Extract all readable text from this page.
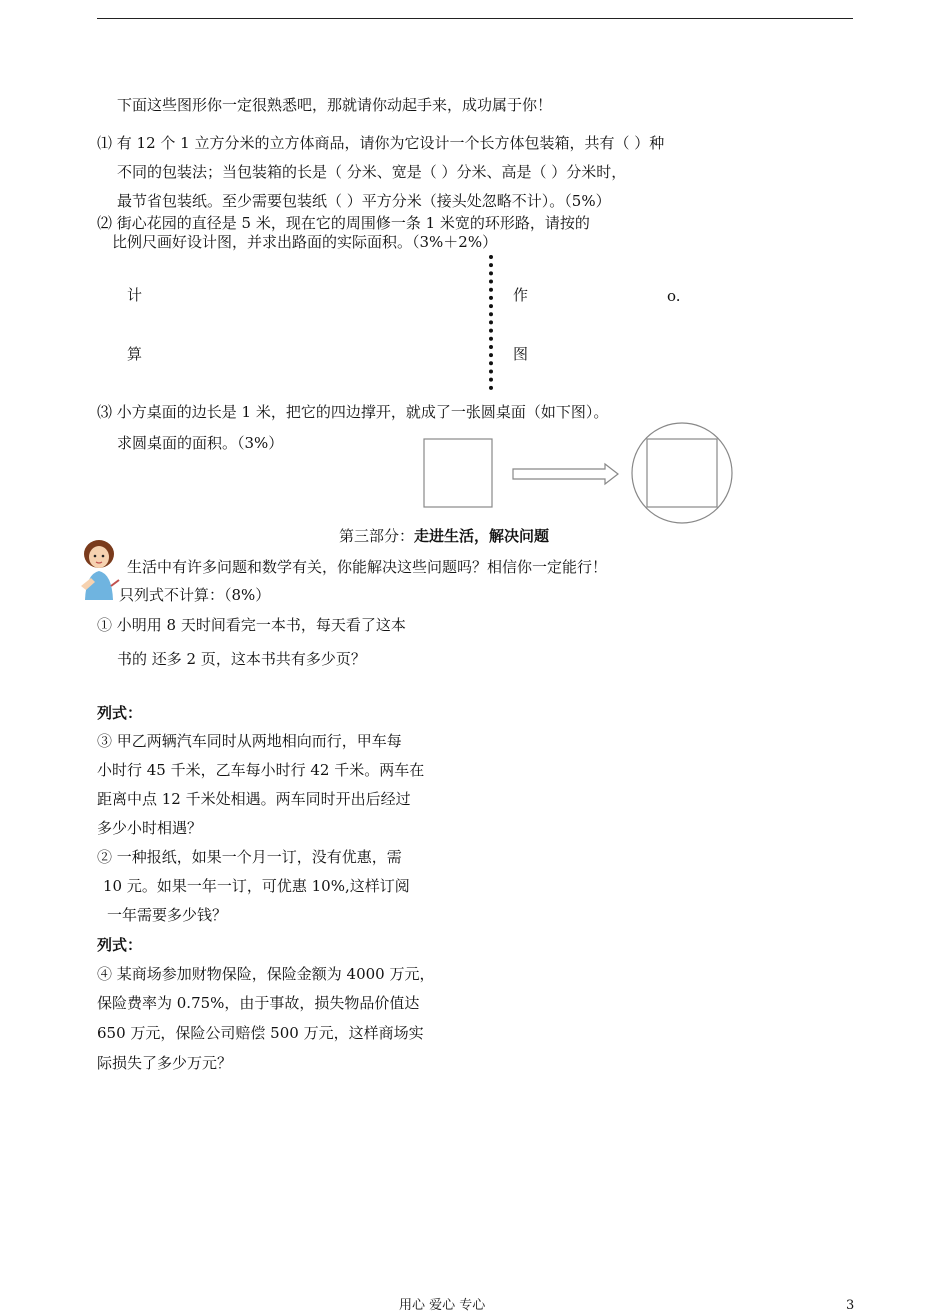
下面这些图形你一定很熟悉吧，那就请你动起手来，成功属于你！
⑴ 有 12 个 1 立方分米的立方体商品，请你为它设计一个长方体包装箱，共有（ ）种
不同的包装法；当包装箱的长是（ 分米、宽是（ ）分米、高是（ ）分米时，
最节省包装纸。至少需要包装纸（ ）平方分米（接头处忽略不计）。（5%）
⑵ 街心花园的直径是 5 米，现在它的周围修一条 1 米宽的环形路，请按的
比例尺画好设计图，并求出路面的实际面积。（3%＋2%）
计
算
作
图
o.
⑶ 小方桌面的边长是 1 米，把它的四边撑开，就成了一张圆桌面（如下图）。
求圆桌面的面积。（3%）
第三部分：走进生活，解决问题
生活中有许多问题和数学有关，你能解决这些问题吗？相信你一定能行！
只列式不计算：（8%）
① 小明用 8 天时间看完一本书，每天看了这本
书的 还多 2 页，这本书共有多少页？
列式：
③ 甲乙两辆汽车同时从两地相向而行，甲车每
小时行 45 千米，乙车每小时行 42 千米。两车在
距离中点 12 千米处相遇。两车同时开出后经过
多少小时相遇？
② 一种报纸，如果一个月一订，没有优惠，需
10 元。如果一年一订，可优惠 10%,这样订阅
一年需要多少钱？
列式：
④ 某商场参加财物保险，保险金额为 4000 万元，
保险费率为 0.75%，由于事故，损失物品价值达
650 万元，保险公司赔偿 500 万元，这样商场实
际损失了多少万元？
用心 爱心 专心	3
